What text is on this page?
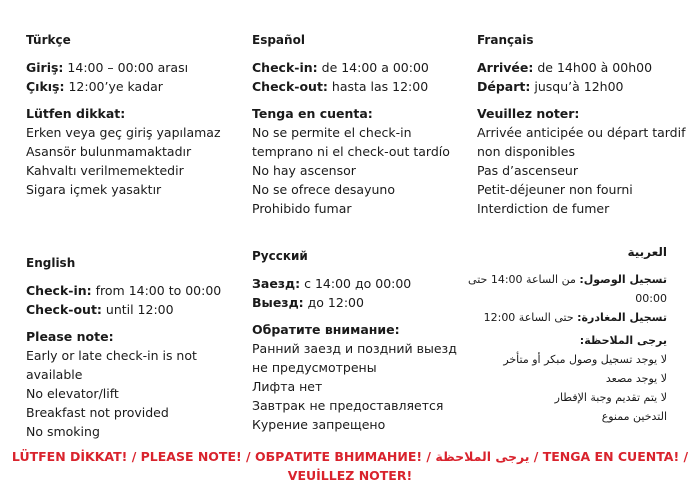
Türkçe
Giriş: 14:00 – 00:00 arası
Çıkış: 12:00’ye kadar
Lütfen dikkat:
Erken veya geç giriş yapılamaz
Asansör bulunmamaktadır
Kahvaltı verilmemektedir
Sigara içmek yasaktır
Español
Check-in: de 14:00 a 00:00
Check-out: hasta las 12:00
Tenga en cuenta:
No se permite el check-in
temprano ni el check-out tardío
No hay ascensor
No se ofrece desayuno
Prohibido fumar
Français
Arrivée: de 14h00 à 00h00
Départ: jusqu’à 12h00
Veuillez noter:
Arrivée anticipée ou départ tardif
non disponibles
Pas d’ascenseur
Petit-déjeuner non fourni
Interdiction de fumer
English
Check-in: from 14:00 to 00:00
Check-out: until 12:00
Please note:
Early or late check-in is not
available
No elevator/lift
Breakfast not provided
No smoking
Русский
Заезд: с 14:00 до 00:00
Выезд: до 12:00
Обратите внимание:
Ранний заезд и поздний выезд
не предусмотрены
Лифта нет
Завтрак не предоставляется
Курение запрещено
العربية
تسجيل الوصول: من الساعة 14:00 حتى
00:00
تسجيل المغادرة: حتى الساعة 12:00
يرجى الملاحظة:
لا يوجد تسجيل وصول مبكر أو متأخر
لا يوجد مصعد
لا يتم تقديم وجبة الإفطار
التدخين ممنوع
LÜTFEN DİKKAT! / PLEASE NOTE! / ОБРАТИТЕ ВНИМАНИЕ! / يرجى الملاحظة / TENGA EN CUENTA! /
VEUİLLEZ NOTER!
